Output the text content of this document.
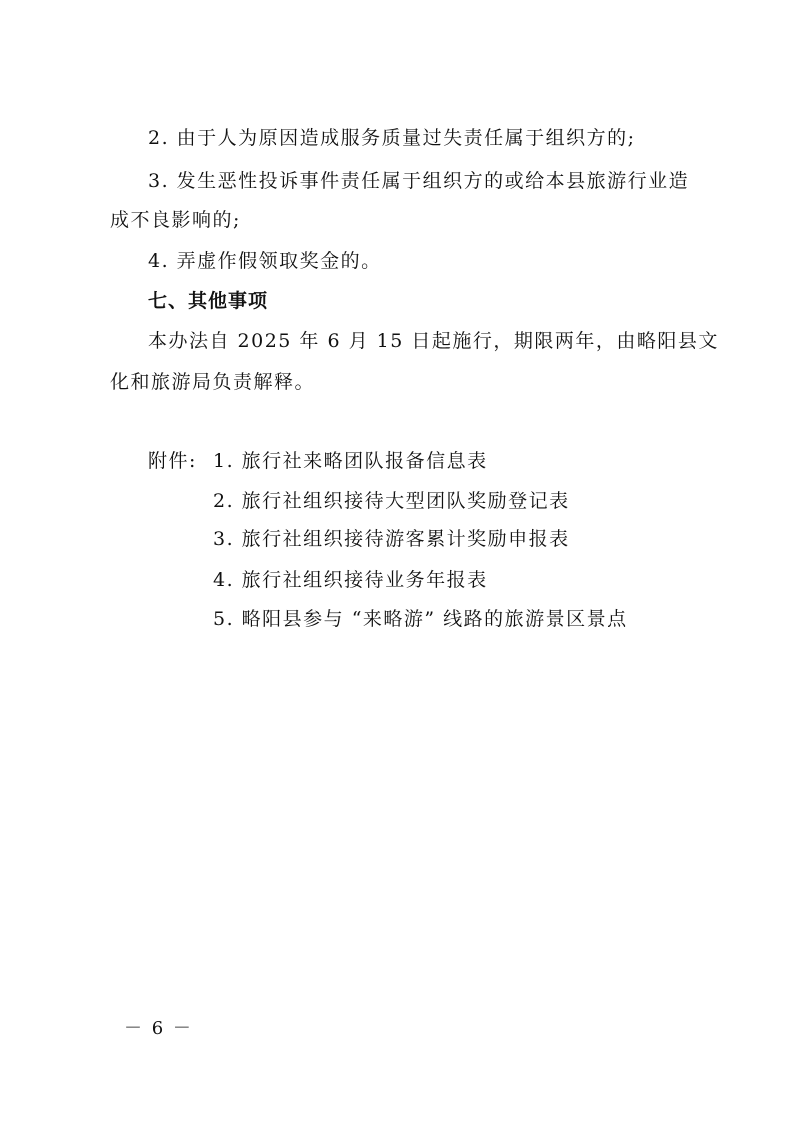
2. 由于人为原因造成服务质量过失责任属于组织方的;
3. 发生恶性投诉事件责任属于组织方的或给本县旅游行业造
成不良影响的;
4. 弄虚作假领取奖金的。
七、其他事项
本办法自 2025 年 6 月 15 日起施行，期限两年，由略阳县文
化和旅游局负责解释。
附件: 1. 旅行社来略团队报备信息表
2. 旅行社组织接待大型团队奖励登记表
3. 旅行社组织接待游客累计奖励申报表
4. 旅行社组织接待业务年报表
5. 略阳县参与 “来略游” 线路的旅游景区景点
－ 6 －
